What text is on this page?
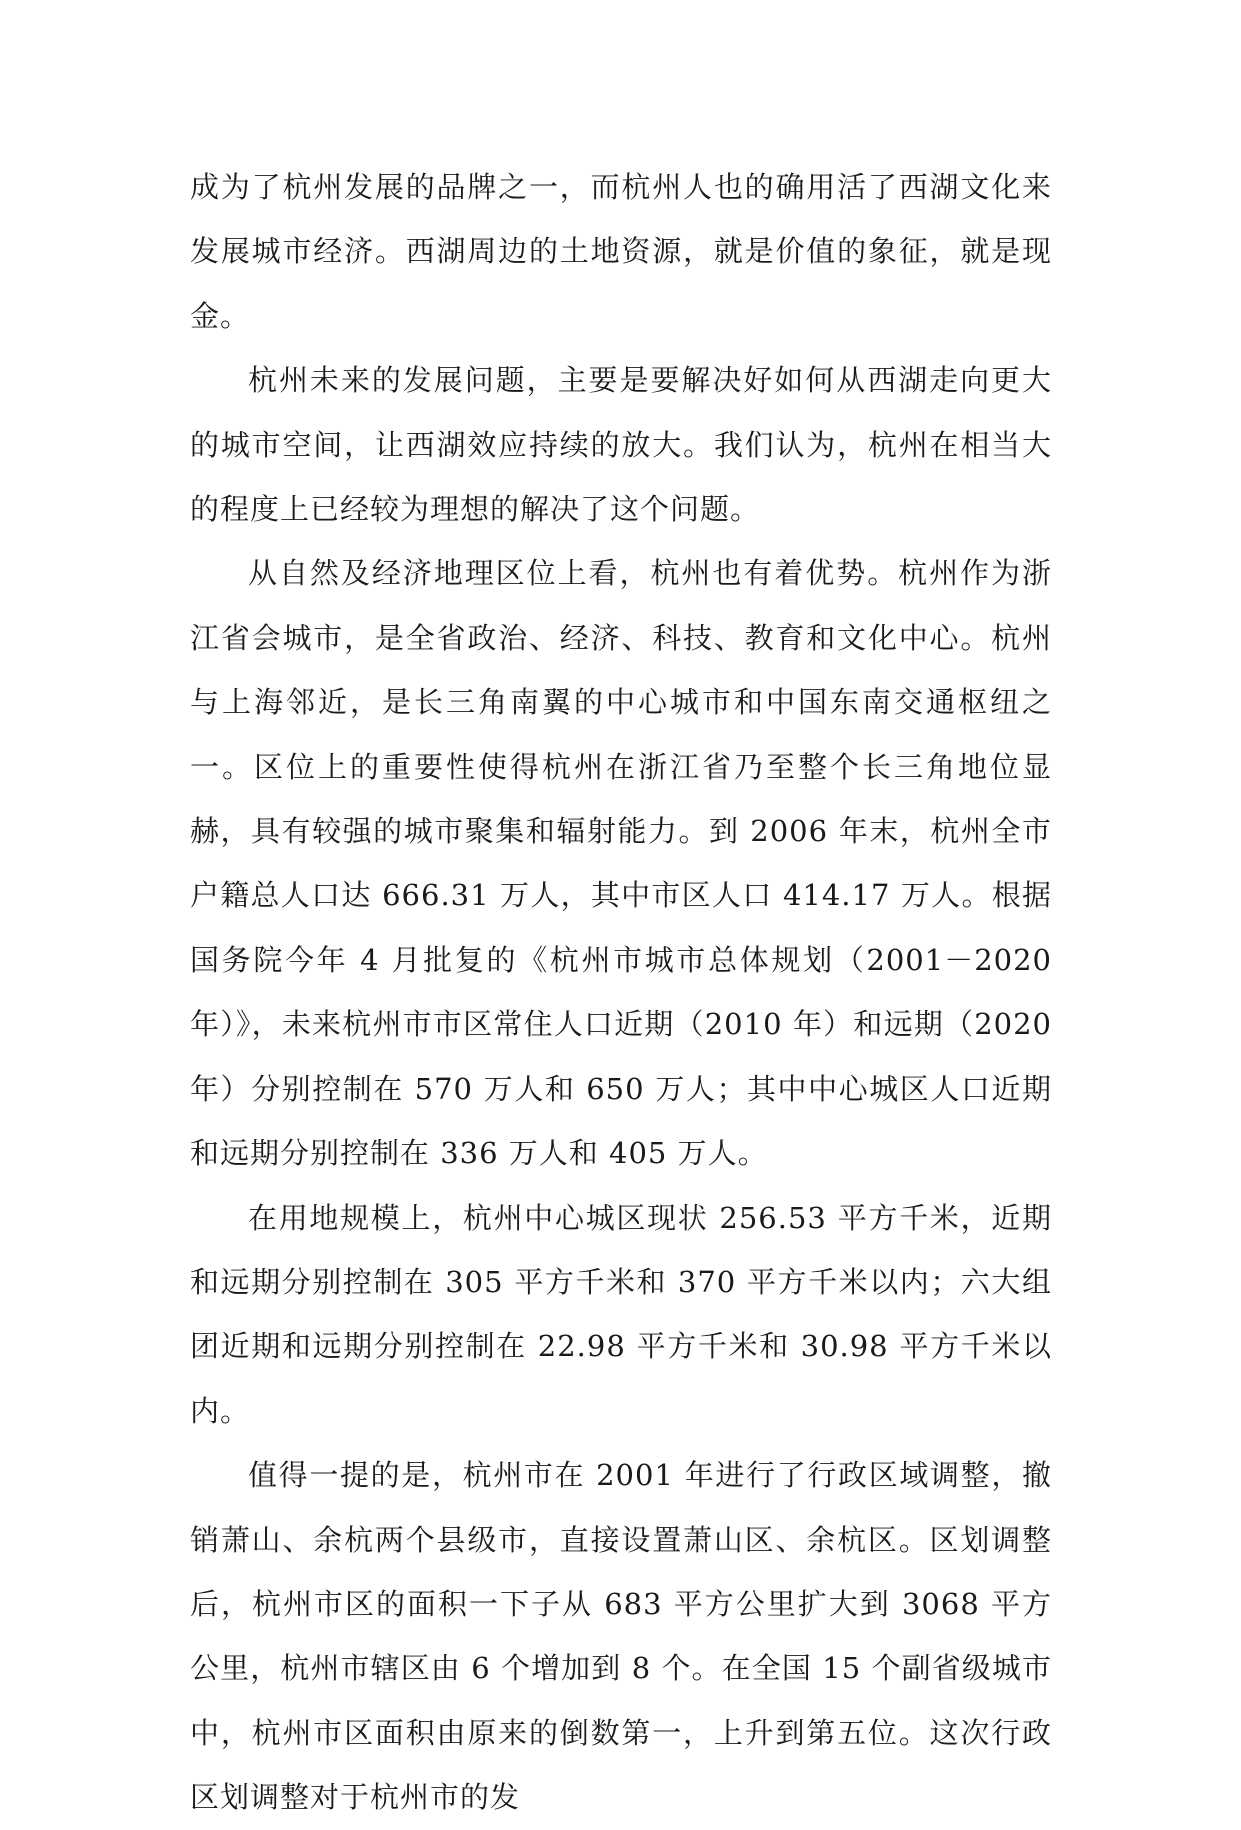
成为了杭州发展的品牌之一，而杭州人也的确用活了西湖文化来发展城市经济。西湖周边的土地资源，就是价值的象征，就是现金。

杭州未来的发展问题，主要是要解决好如何从西湖走向更大的城市空间，让西湖效应持续的放大。我们认为，杭州在相当大的程度上已经较为理想的解决了这个问题。

从自然及经济地理区位上看，杭州也有着优势。杭州作为浙江省会城市，是全省政治、经济、科技、教育和文化中心。杭州与上海邻近，是长三角南翼的中心城市和中国东南交通枢纽之一。区位上的重要性使得杭州在浙江省乃至整个长三角地位显赫，具有较强的城市聚集和辐射能力。到 2006 年末，杭州全市户籍总人口达 666.31 万人，其中市区人口 414.17 万人。根据国务院今年 4 月批复的《杭州市城市总体规划（2001－2020 年）》，未来杭州市市区常住人口近期（2010 年）和远期（2020 年）分别控制在 570 万人和 650 万人；其中中心城区人口近期和远期分别控制在 336 万人和 405 万人。

在用地规模上，杭州中心城区现状 256.53 平方千米，近期和远期分别控制在 305 平方千米和 370 平方千米以内；六大组团近期和远期分别控制在 22.98 平方千米和 30.98 平方千米以内。

值得一提的是，杭州市在 2001 年进行了行政区域调整，撤销萧山、余杭两个县级市，直接设置萧山区、余杭区。区划调整后，杭州市区的面积一下子从 683 平方公里扩大到 3068 平方公里，杭州市辖区由 6 个增加到 8 个。在全国 15 个副省级城市中，杭州市区面积由原来的倒数第一，上升到第五位。这次行政区划调整对于杭州市的发
